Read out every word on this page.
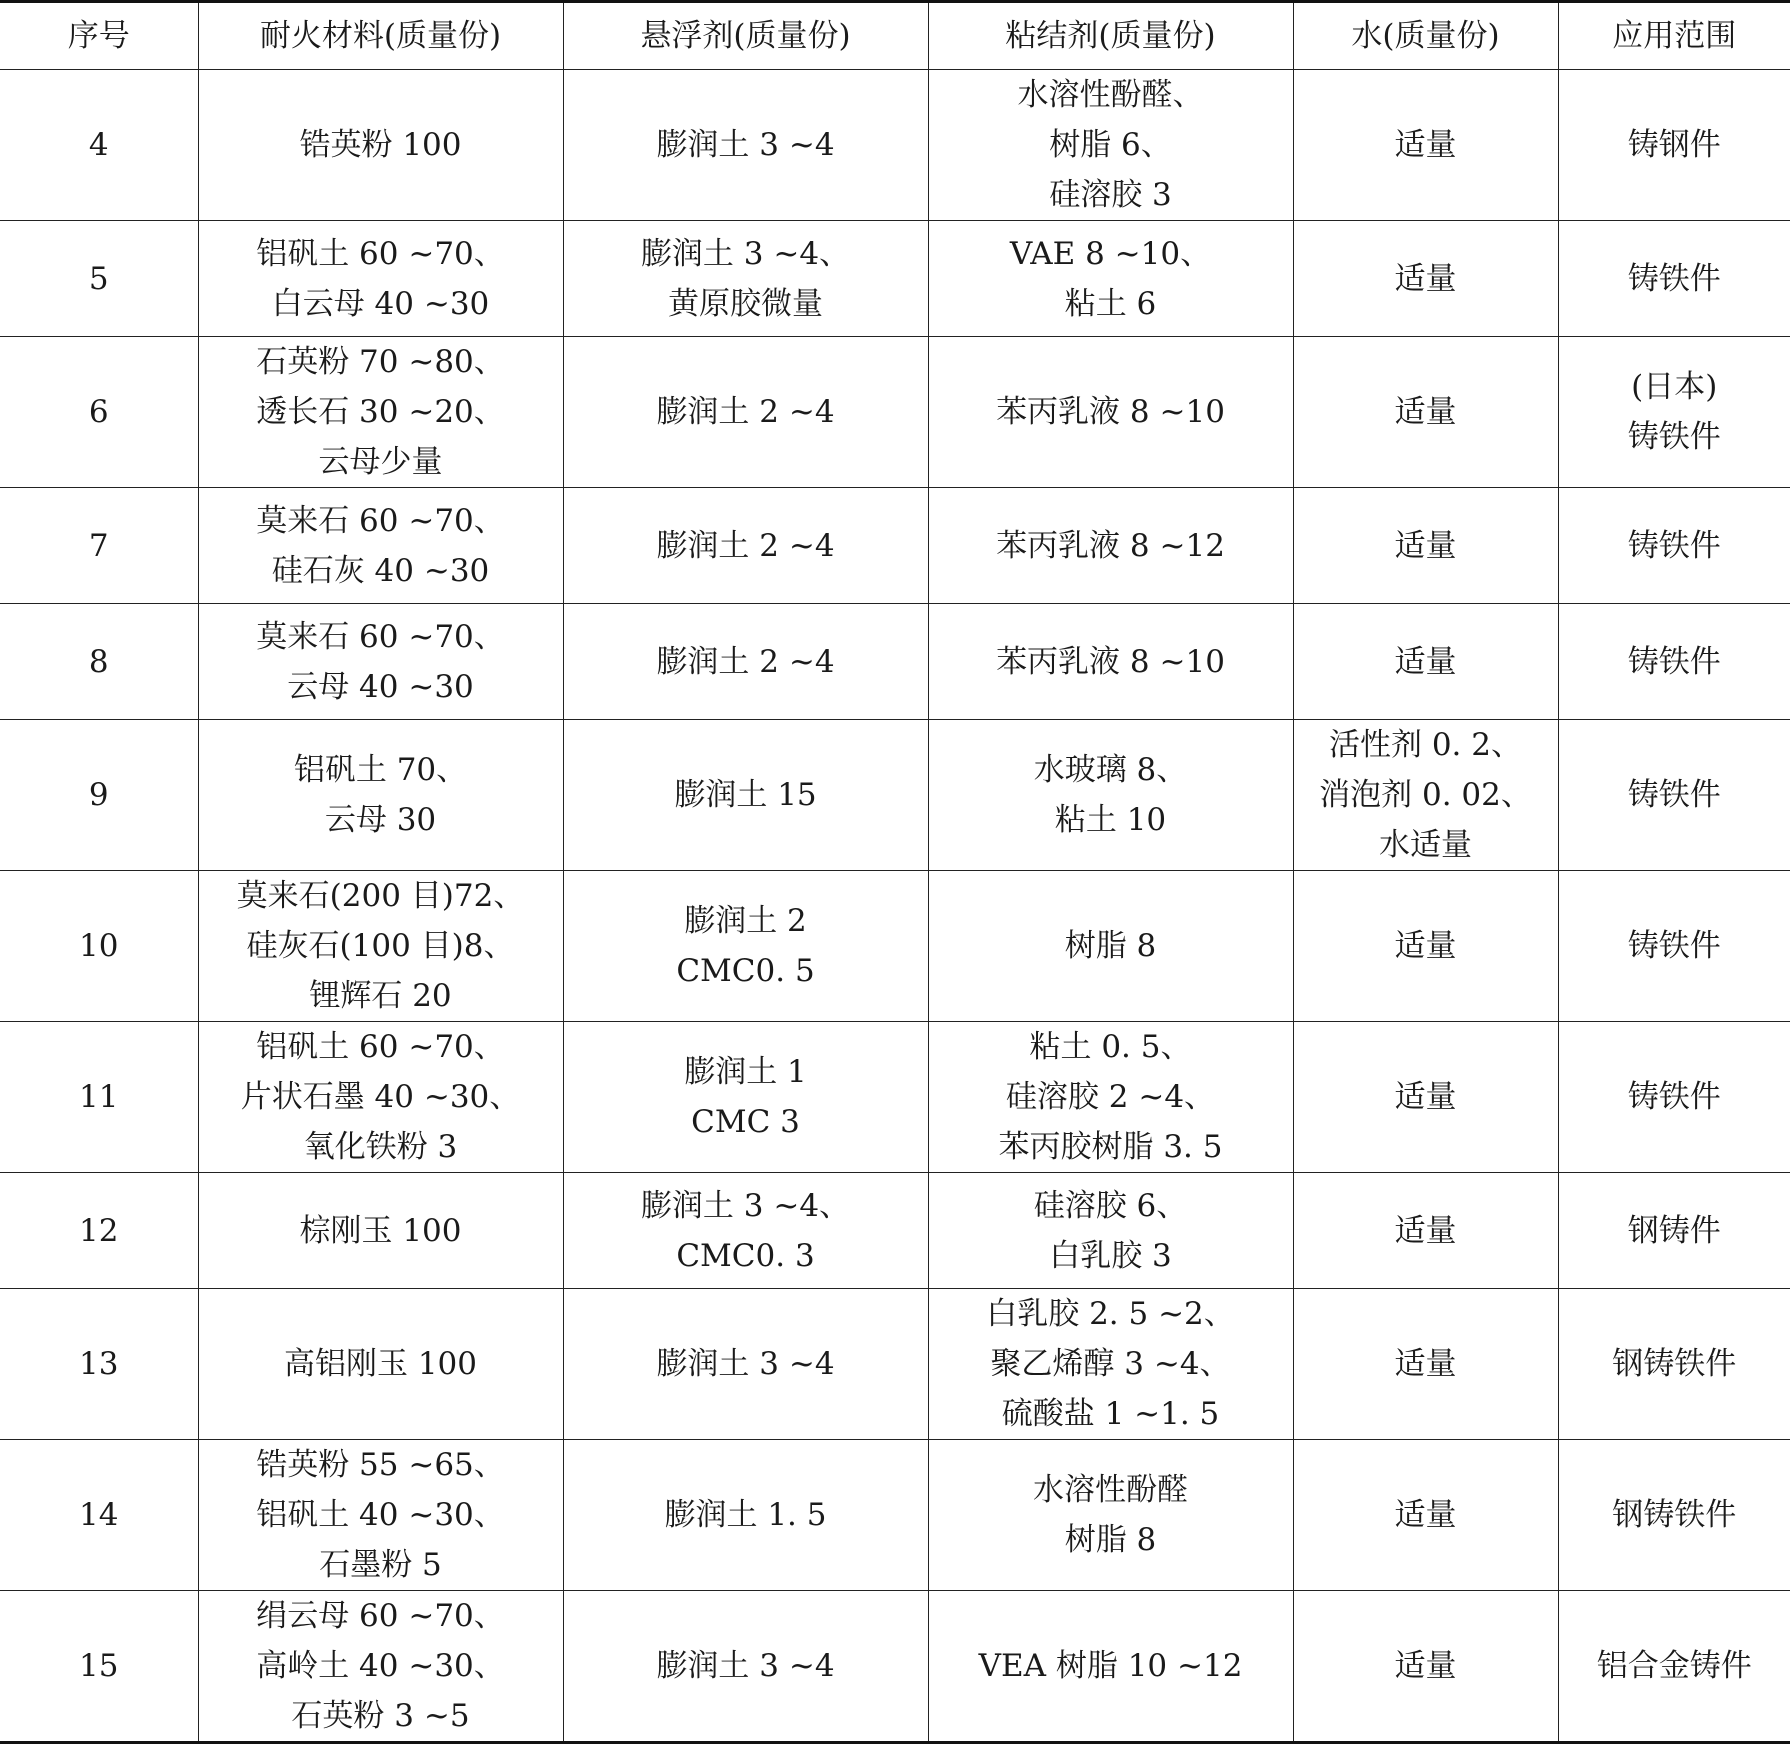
序号	耐火材料(质量份)	悬浮剂(质量份)	粘结剂(质量份)	水(质量份)	应用范围
4	锆英粉 100	膨润土 3 ~4	水溶性酚醛、
树脂 6、
硅溶胶 3	适量	铸钢件

5	铝矾土 60 ~70、
白云母 40 ~30	膨润土 3 ~4、
黄原胶微量	VAE 8 ~10、
粘土 6	适量	铸铁件

6	石英粉 70 ~80、
透长石 30 ~20、
云母少量	膨润土 2 ~4	苯丙乳液 8 ~10	适量	(日本)
铸铁件

7	莫来石 60 ~70、
硅石灰 40 ~30	膨润土 2 ~4	苯丙乳液 8 ~12	适量	铸铁件

8	莫来石 60 ~70、
云母 40 ~30	膨润土 2 ~4	苯丙乳液 8 ~10	适量	铸铁件

9	铝矾土 70、
云母 30	膨润土 15	水玻璃 8、
粘土 10	活性剂 0. 2、
消泡剂 0. 02、
水适量	铸铁件

10	莫来石(200 目)72、
硅灰石(100 目)8、
锂辉石 20	膨润土 2
CMC0. 5	树脂 8	适量	铸铁件

11	铝矾土 60 ~70、
片状石墨 40 ~30、
氧化铁粉 3	膨润土 1
CMC 3	粘土 0. 5、
硅溶胶 2 ~4、
苯丙胶树脂 3. 5	适量	铸铁件

12	棕刚玉 100	膨润土 3 ~4、
CMC0. 3	硅溶胶 6、
白乳胶 3	适量	钢铸件

13	高铝刚玉 100	膨润土 3 ~4	白乳胶 2. 5 ~2、
聚乙烯醇 3 ~4、
硫酸盐 1 ~1. 5	适量	钢铸铁件

14	锆英粉 55 ~65、
铝矾土 40 ~30、
石墨粉 5	膨润土 1. 5	水溶性酚醛
树脂 8	适量	钢铸铁件

15	绢云母 60 ~70、
高岭土 40 ~30、
石英粉 3 ~5	膨润土 3 ~4	VEA 树脂 10 ~12	适量	铝合金铸件
